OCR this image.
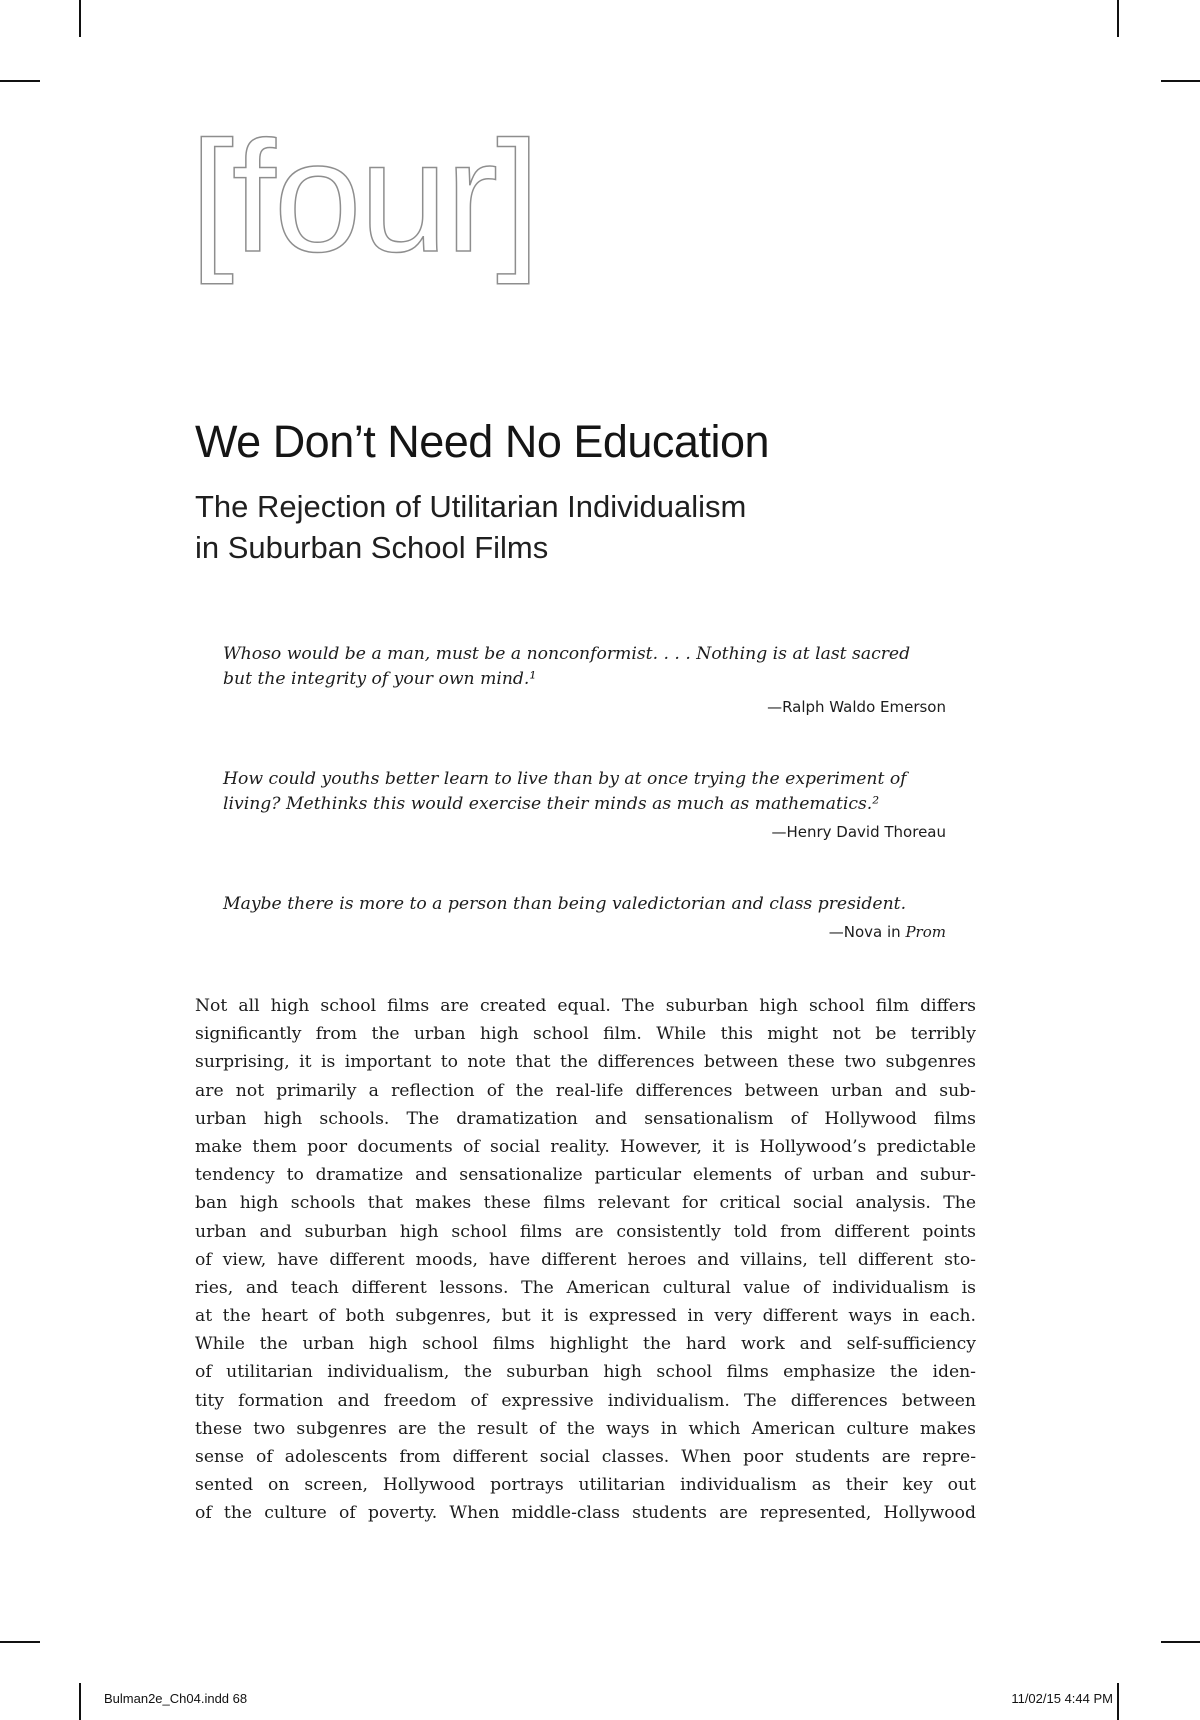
[four]
We Don’t Need No Education
The Rejection of Utilitarian Individualism
in Suburban School Films
Whoso would be a man, must be a nonconformist. . . . Nothing is at last sacred
but the integrity of your own mind.¹
—Ralph Waldo Emerson
How could youths better learn to live than by at once trying the experiment of
living? Methinks this would exercise their minds as much as mathematics.²
—Henry David Thoreau
Maybe there is more to a person than being valedictorian and class president.
—Nova in Prom
Not all high school films are created equal. The suburban high school film differs
significantly from the urban high school film. While this might not be terribly
surprising, it is important to note that the differences between these two subgenres
are not primarily a reflection of the real-life differences between urban and sub-
urban high schools. The dramatization and sensationalism of Hollywood films
make them poor documents of social reality. However, it is Hollywood’s predictable
tendency to dramatize and sensationalize particular elements of urban and subur-
ban high schools that makes these films relevant for critical social analysis. The
urban and suburban high school films are consistently told from different points
of view, have different moods, have different heroes and villains, tell different sto-
ries, and teach different lessons. The American cultural value of individualism is
at the heart of both subgenres, but it is expressed in very different ways in each.
While the urban high school films highlight the hard work and self-sufficiency
of utilitarian individualism, the suburban high school films emphasize the iden-
tity formation and freedom of expressive individualism. The differences between
these two subgenres are the result of the ways in which American culture makes
sense of adolescents from different social classes. When poor students are repre-
sented on screen, Hollywood portrays utilitarian individualism as their key out
of the culture of poverty. When middle-class students are represented, Hollywood
Bulman2e_Ch04.indd 68	11/02/15 4:44 PM
